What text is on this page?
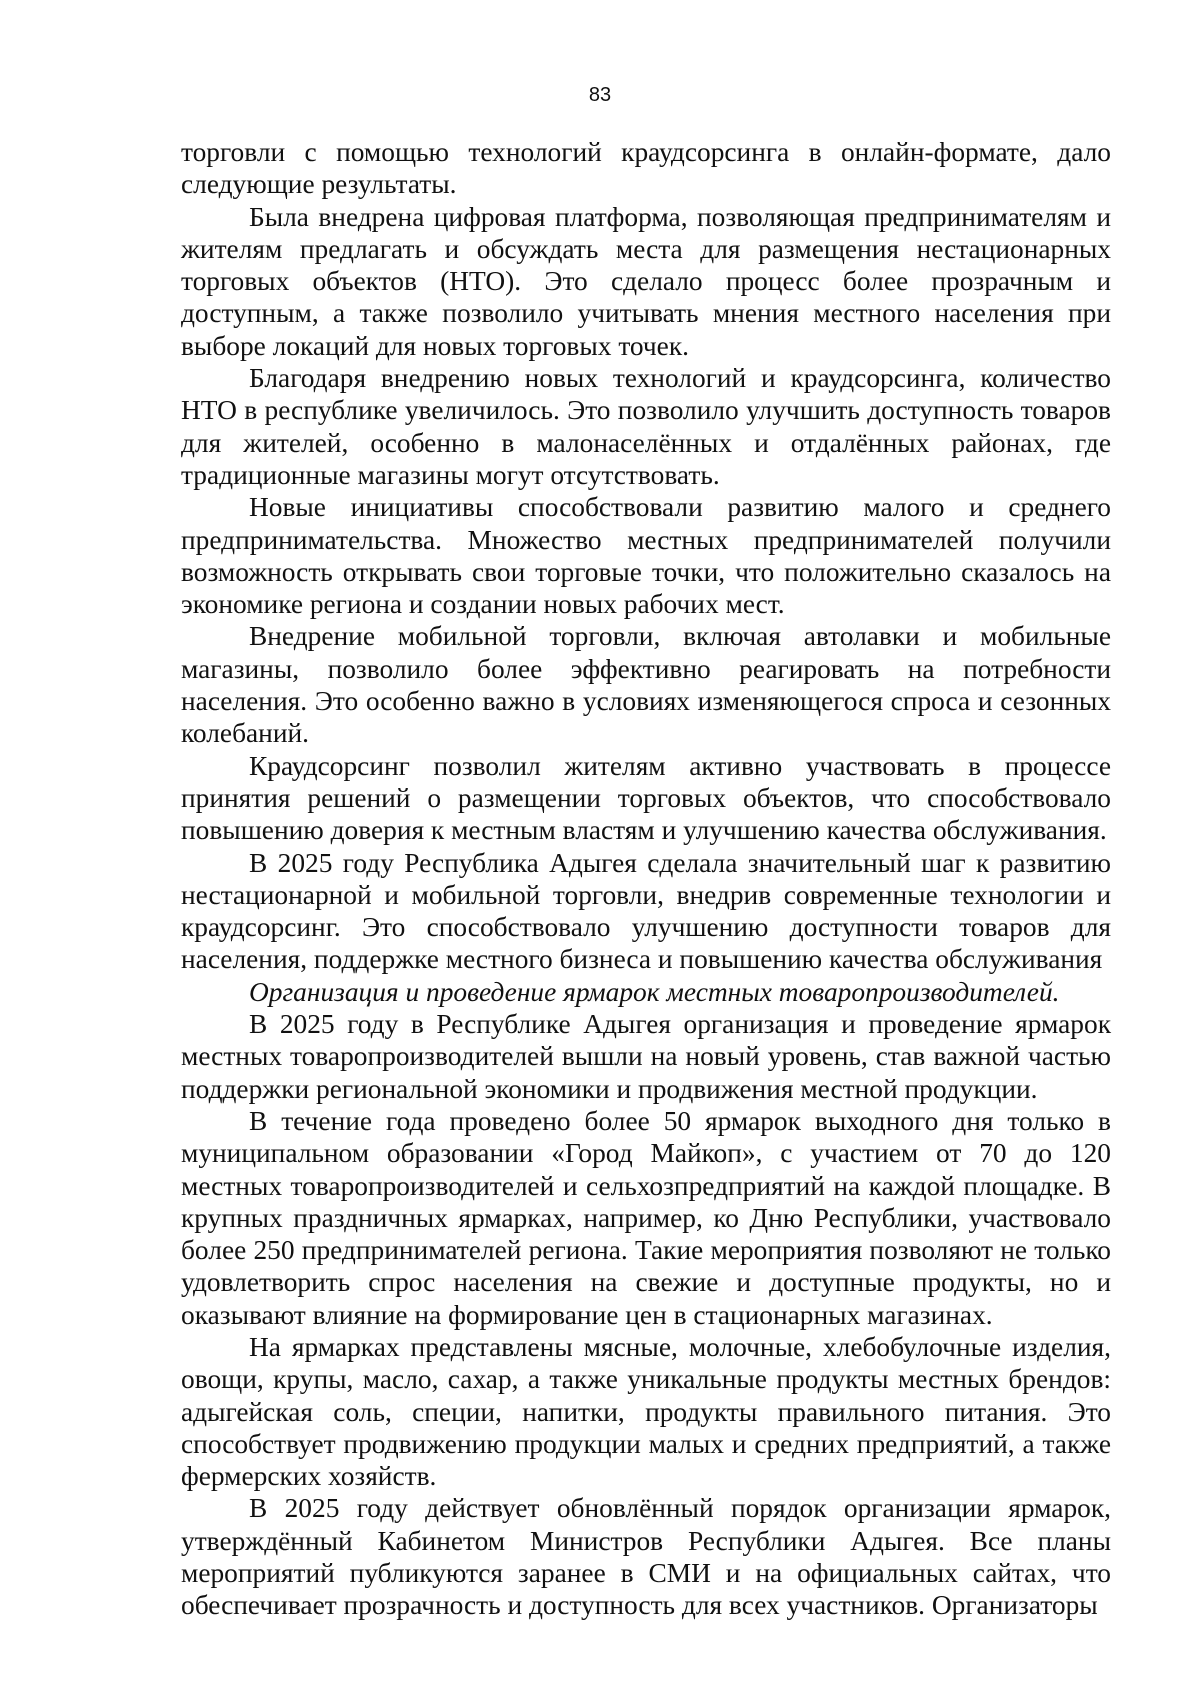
83

торговли с помощью технологий краудсорсинга в онлайн-формате, дало следующие результаты.

Была внедрена цифровая платформа, позволяющая предпринимателям и жителям предлагать и обсуждать места для размещения нестационарных торговых объектов (НТО). Это сделало процесс более прозрачным и доступным, а также позволило учитывать мнения местного населения при выборе локаций для новых торговых точек.

Благодаря внедрению новых технологий и краудсорсинга, количество НТО в республике увеличилось. Это позволило улучшить доступность товаров для жителей, особенно в малонаселённых и отдалённых районах, где традиционные магазины могут отсутствовать.

Новые инициативы способствовали развитию малого и среднего предпринимательства. Множество местных предпринимателей получили возможность открывать свои торговые точки, что положительно сказалось на экономике региона и создании новых рабочих мест.

Внедрение мобильной торговли, включая автолавки и мобильные магазины, позволило более эффективно реагировать на потребности населения. Это особенно важно в условиях изменяющегося спроса и сезонных колебаний.

Краудсорсинг позволил жителям активно участвовать в процессе принятия решений о размещении торговых объектов, что способствовало повышению доверия к местным властям и улучшению качества обслуживания.

В 2025 году Республика Адыгея сделала значительный шаг к развитию нестационарной и мобильной торговли, внедрив современные технологии и краудсорсинг. Это способствовало улучшению доступности товаров для населения, поддержке местного бизнеса и повышению качества обслуживания

Организация и проведение ярмарок местных товаропроизводителей.

В 2025 году в Республике Адыгея организация и проведение ярмарок местных товаропроизводителей вышли на новый уровень, став важной частью поддержки региональной экономики и продвижения местной продукции.

В течение года проведено более 50 ярмарок выходного дня только в муниципальном образовании «Город Майкоп», с участием от 70 до 120 местных товаропроизводителей и сельхозпредприятий на каждой площадке. В крупных праздничных ярмарках, например, ко Дню Республики, участвовало более 250 предпринимателей региона. Такие мероприятия позволяют не только удовлетворить спрос населения на свежие и доступные продукты, но и оказывают влияние на формирование цен в стационарных магазинах.

На ярмарках представлены мясные, молочные, хлебобулочные изделия, овощи, крупы, масло, сахар, а также уникальные продукты местных брендов: адыгейская соль, специи, напитки, продукты правильного питания. Это способствует продвижению продукции малых и средних предприятий, а также фермерских хозяйств.

В 2025 году действует обновлённый порядок организации ярмарок, утверждённый Кабинетом Министров Республики Адыгея. Все планы мероприятий публикуются заранее в СМИ и на официальных сайтах, что обеспечивает прозрачность и доступность для всех участников. Организаторы
